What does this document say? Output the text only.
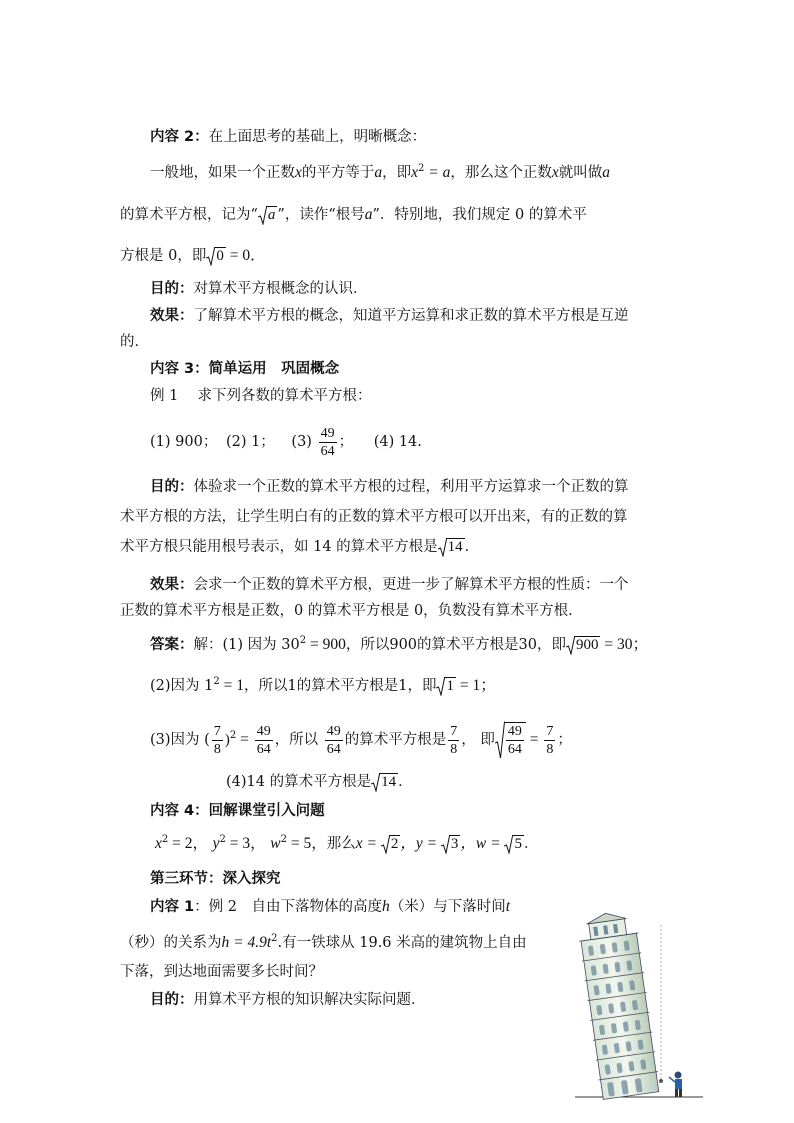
内容 2：在上面思考的基础上，明晰概念：
一般地，如果一个正数x的平方等于a，即$x^2 = a$，那么这个正数x就叫做a
的算术平方根，记为“ a ”，读作“根号a”．特别地，我们规定 0 的算术平
方根是 0，即 0 = 0．
目的：对算术平方根概念的认识．
效果：了解算术平方根的概念，知道平方运算和求正数的算术平方根是互逆
的．
内容 3：简单运用　巩固概念
例 1　 求下列各数的算术平方根：
(1) 900； (2) 1； $(3) \frac{49}{64}$ ； (4) 14.
目的：体验求一个正数的算术平方根的过程，利用平方运算求一个正数的算
术平方根的方法，让学生明白有的正数的算术平方根可以开出来，有的正数的算
术平方根只能用根号表示，如 14 的算术平方根是 14 ．
效果：会求一个正数的算术平方根，更进一步了解算术平方根的性质：一个
正数的算术平方根是正数，0 的算术平方根是 0，负数没有算术平方根．
答案：解：(1) 因为 $30^2 = 900$，所以900的算术平方根是30，即 900 = 30；
(2)因为 $1^2 = 1$，所以1的算术平方根是1，即 1 = 1；
(3)因为 ( $\frac{7}{8} )^2 = \frac{49}{64}$ ，所以 $\frac{49}{64}$ 的算术平方根是 $\frac{7}{8}$ ， 即 $\frac{49}{64} = \frac{7}{8}$ ；
(4)14 的算术平方根是 14 ．
内容 4：回解课堂引入问题
$x^2 = 2$， $y^2 = 3$， $w^2 = 5$，那么x = 2 ，y = 3 ，w = 5 ．
第三环节：深入探究
内容 1：例 2　自由下落物体的高度h（米）与下落时间t
（秒）的关系为$h = 4.9t^2$.有一铁球从 19.6 米高的建筑物上自由
下落，到达地面需要多长时间？
目的：用算术平方根的知识解决实际问题．
